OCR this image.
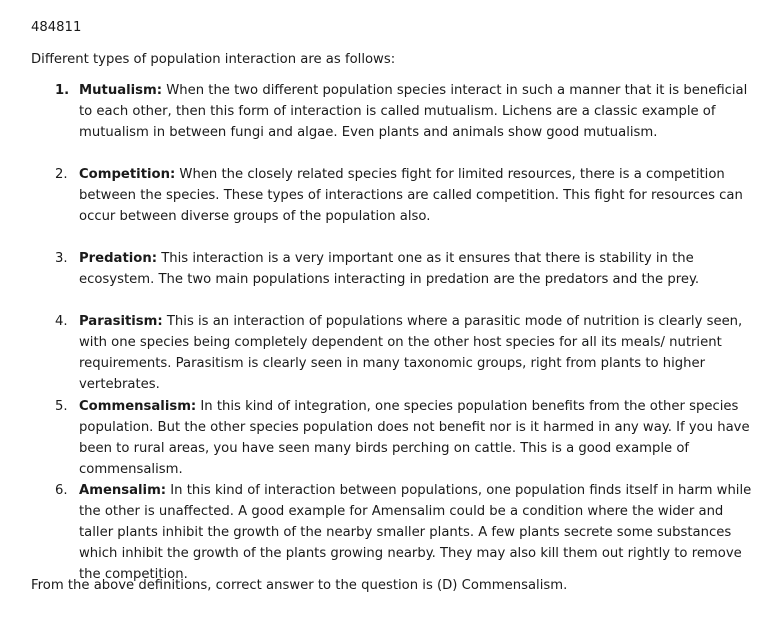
484811
Different types of population interaction are as follows:
1. Mutualism: When the two different population species interact in such a manner that it is beneficial to each other, then this form of interaction is called mutualism. Lichens are a classic example of mutualism in between fungi and algae. Even plants and animals show good mutualism.
2. Competition: When the closely related species fight for limited resources, there is a competition between the species. These types of interactions are called competition. This fight for resources can occur between diverse groups of the population also.
3. Predation: This interaction is a very important one as it ensures that there is stability in the ecosystem. The two main populations interacting in predation are the predators and the prey.
4. Parasitism: This is an interaction of populations where a parasitic mode of nutrition is clearly seen, with one species being completely dependent on the other host species for all its meals/ nutrient requirements. Parasitism is clearly seen in many taxonomic groups, right from plants to higher vertebrates.
5. Commensalism: In this kind of integration, one species population benefits from the other species population. But the other species population does not benefit nor is it harmed in any way. If you have been to rural areas, you have seen many birds perching on cattle. This is a good example of commensalism.
6. Amensalim: In this kind of interaction between populations, one population finds itself in harm while the other is unaffected. A good example for Amensalim could be a condition where the wider and taller plants inhibit the growth of the nearby smaller plants. A few plants secrete some substances which inhibit the growth of the plants growing nearby. They may also kill them out rightly to remove the competition.
From the above definitions, correct answer to the question is (D) Commensalism.
